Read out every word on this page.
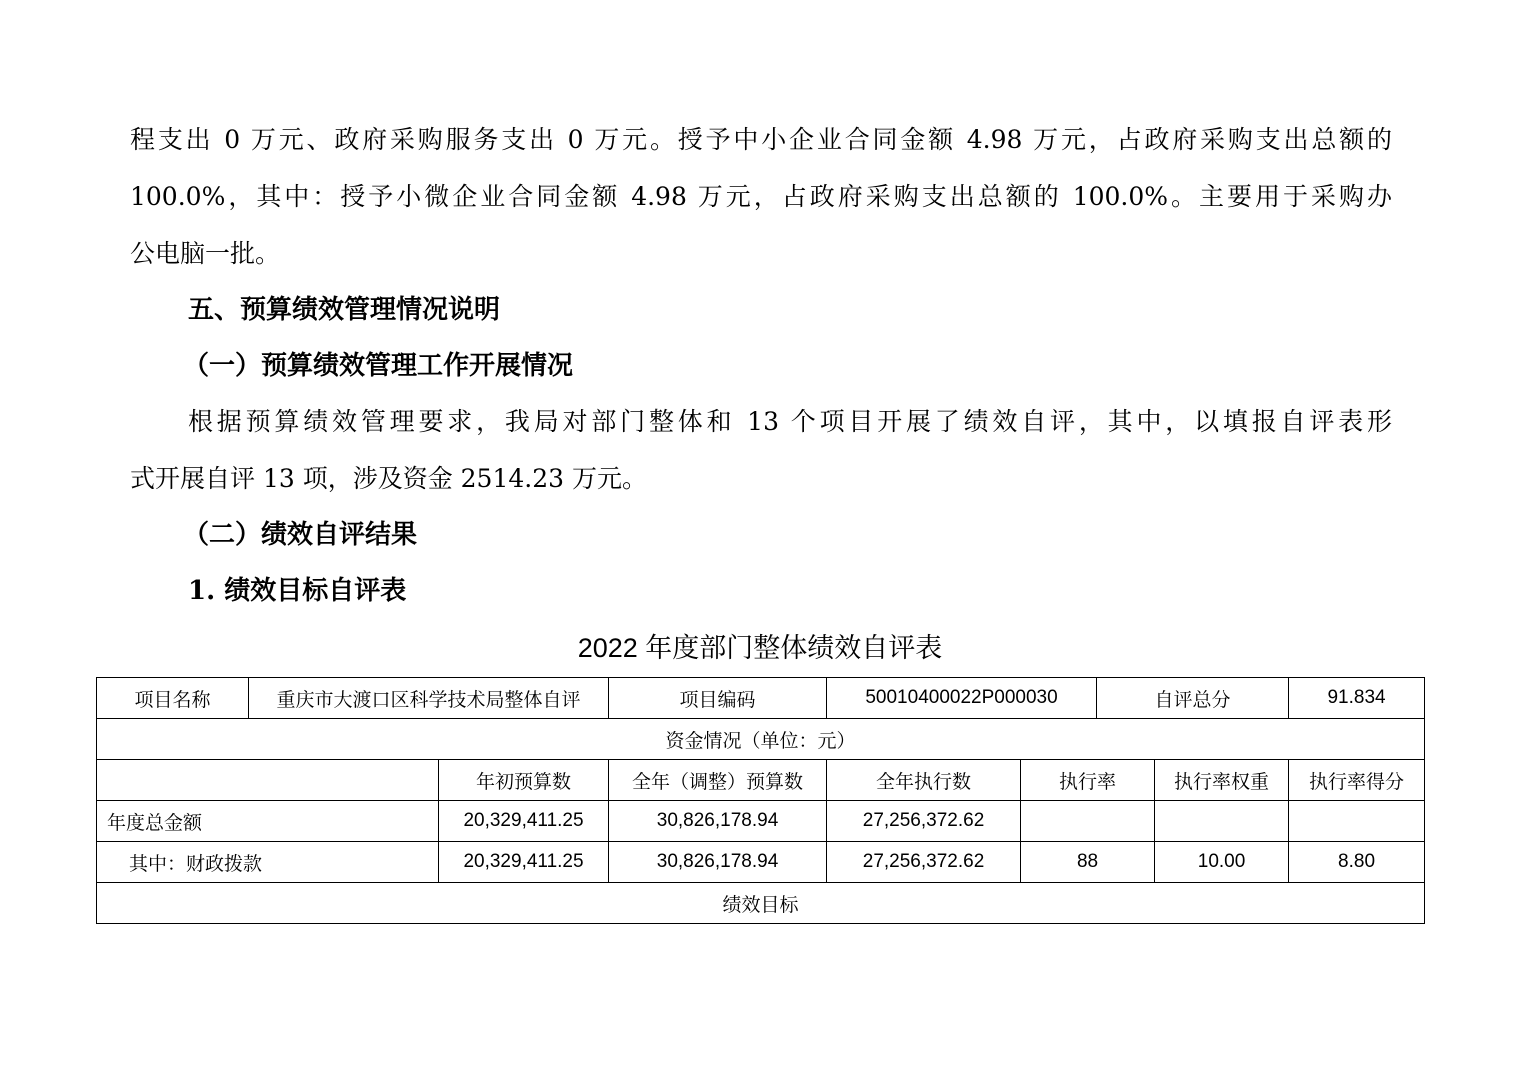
程支出 0 万元、政府采购服务支出 0 万元。授予中小企业合同金额 4.98 万元，占政府采购支出总额的
100.0%，其中：授予小微企业合同金额 4.98 万元，占政府采购支出总额的 100.0%。主要用于采购办
公电脑一批。
五、预算绩效管理情况说明
（一）预算绩效管理工作开展情况
根据预算绩效管理要求，我局对部门整体和 13 个项目开展了绩效自评，其中，以填报自评表形
式开展自评 13 项，涉及资金 2514.23 万元。
（二）绩效自评结果
1. 绩效目标自评表
2022 年度部门整体绩效自评表
项目名称	重庆市大渡口区科学技术局整体自评		项目编码	50010400022P000030		自评总分		91.834
资金情况（单位：元）								
		年初预算数	全年（调整）预算数	全年执行数	执行率		执行率权重	执行率得分
年度总金额		20,329,411.25	30,826,178.94	27,256,372.62				
其中：财政拨款		20,329,411.25	30,826,178.94	27,256,372.62	88		10.00	8.80
绩效目标								
